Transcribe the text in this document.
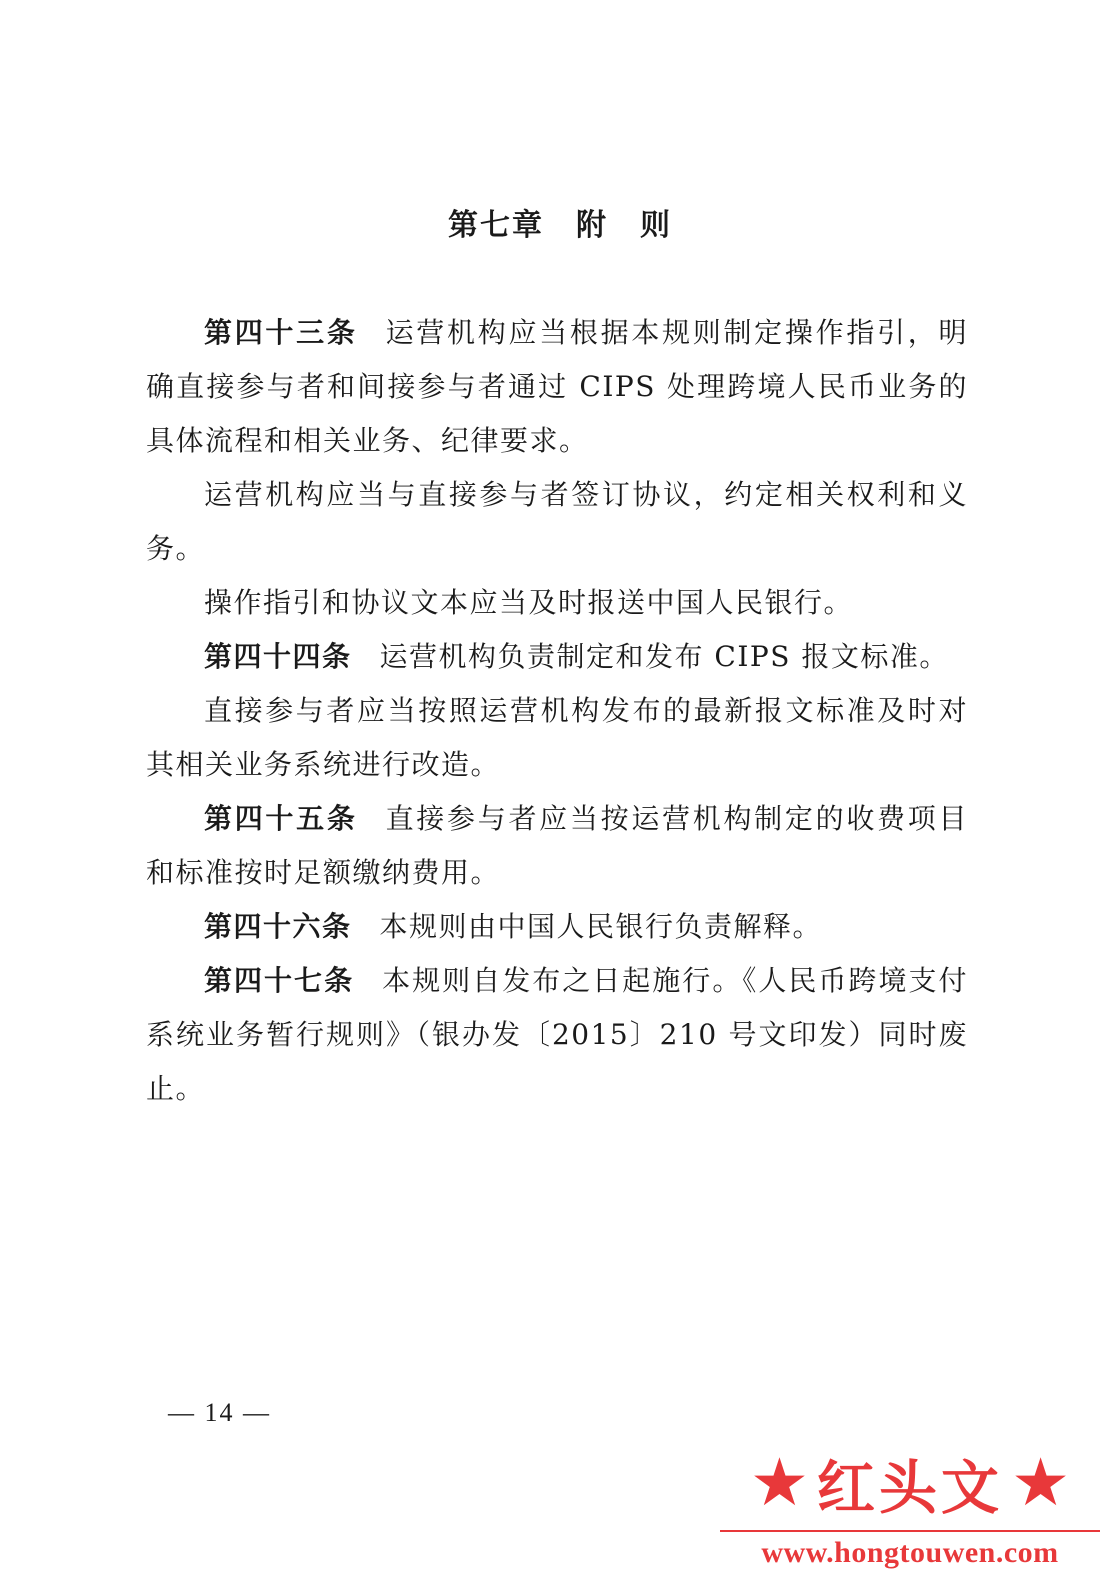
第七章　附　则

第四十三条 运营机构应当根据本规则制定操作指引，明确直接参与者和间接参与者通过 CIPS 处理跨境人民币业务的具体流程和相关业务、纪律要求。

运营机构应当与直接参与者签订协议，约定相关权利和义务。

操作指引和协议文本应当及时报送中国人民银行。

第四十四条 运营机构负责制定和发布 CIPS 报文标准。

直接参与者应当按照运营机构发布的最新报文标准及时对其相关业务系统进行改造。

第四十五条 直接参与者应当按运营机构制定的收费项目和标准按时足额缴纳费用。

第四十六条 本规则由中国人民银行负责解释。

第四十七条 本规则自发布之日起施行。《人民币跨境支付系统业务暂行规则》（银办发〔2015〕210 号文印发）同时废止。

— 14 —
★ 红头文 ★
www.hongtouwen.com
